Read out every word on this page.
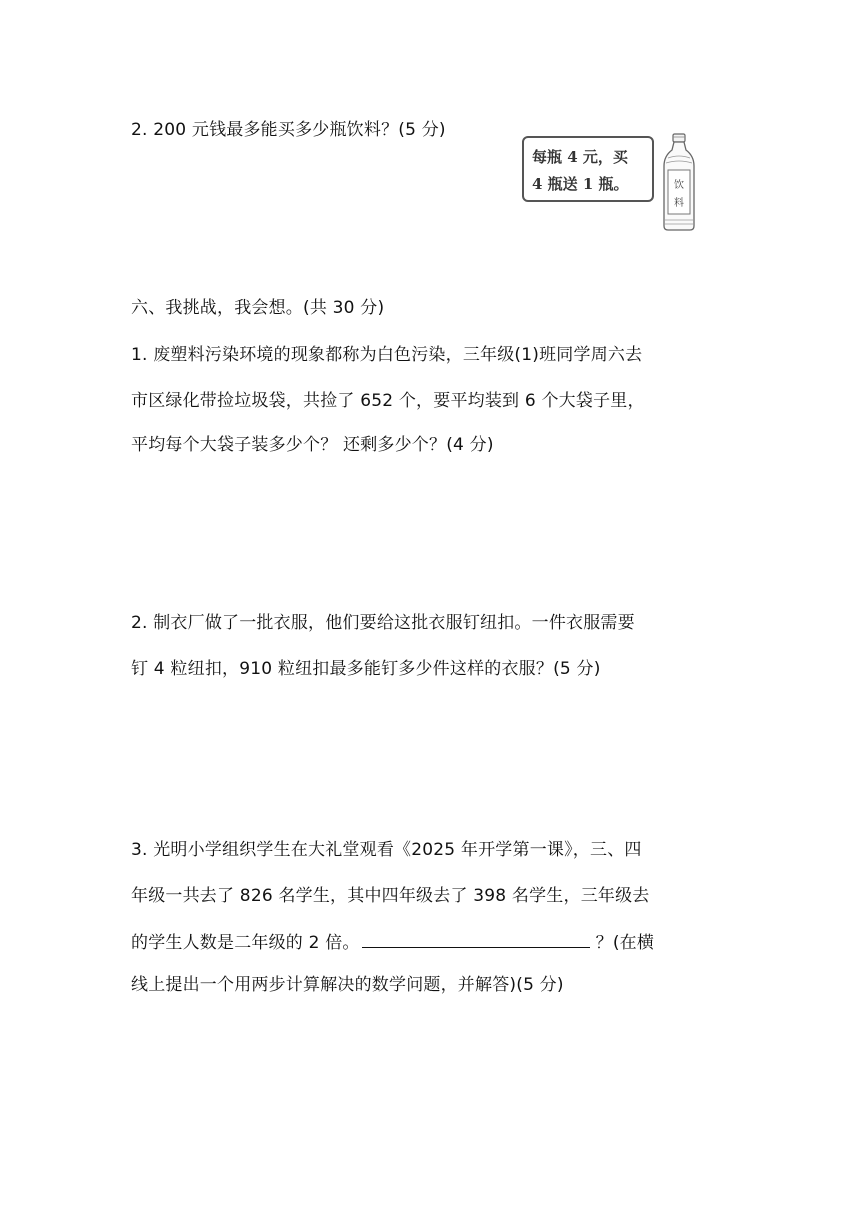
2. 200 元钱最多能买多少瓶饮料？(5 分)
每瓶 4 元，买
4 瓶送 1 瓶。	饮
料
六、我挑战，我会想。(共 30 分)
1. 废塑料污染环境的现象都称为白色污染，三年级(1)班同学周六去
市区绿化带捡垃圾袋，共捡了 652 个，要平均装到 6 个大袋子里，
平均每个大袋子装多少个？ 还剩多少个？(4 分)
2. 制衣厂做了一批衣服，他们要给这批衣服钉纽扣。一件衣服需要
钉 4 粒纽扣，910 粒纽扣最多能钉多少件这样的衣服？(5 分)
3. 光明小学组织学生在大礼堂观看《2025 年开学第一课》，三、四
年级一共去了 826 名学生，其中四年级去了 398 名学生，三年级去
的学生人数是二年级的 2 倍。	？(在横
线上提出一个用两步计算解决的数学问题，并解答)(5 分)
